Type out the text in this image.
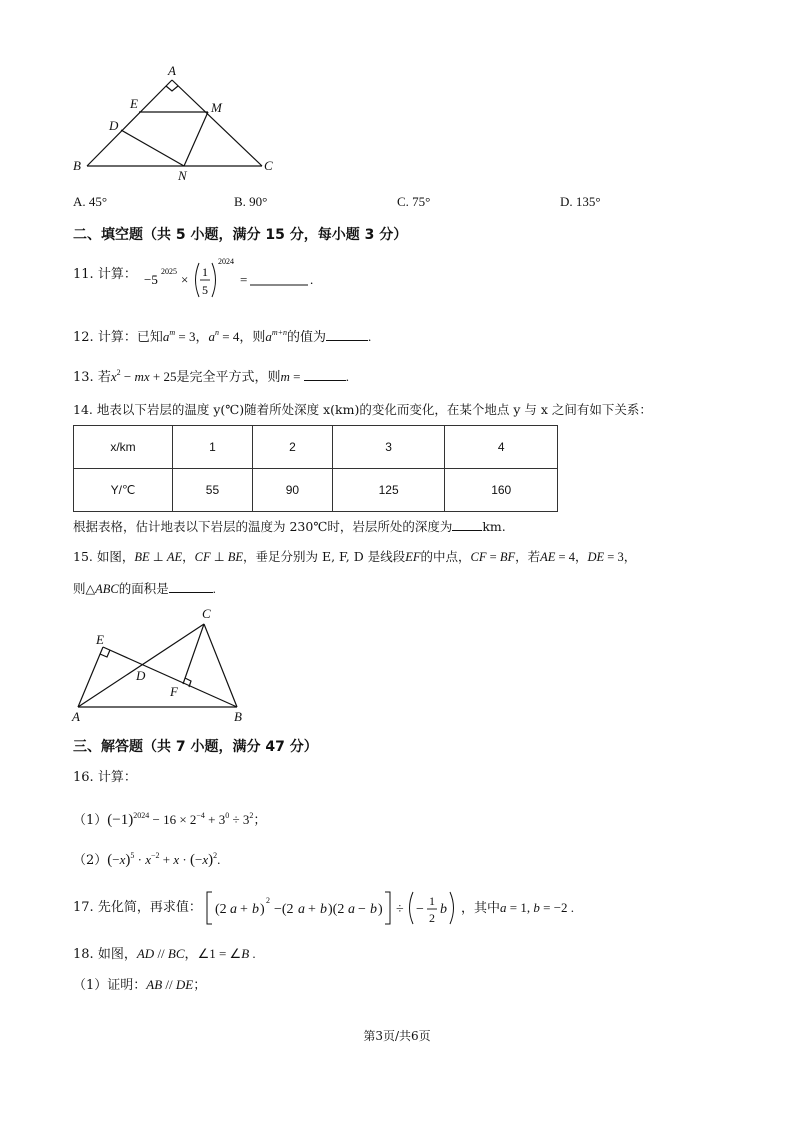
A
E	M
D
B
N
C
A. 45°	B. 90°	C. 75°	D. 135°
二、填空题（共 5 小题，满分 15 分，每小题 3 分）
11. 计算： −5
2025
× 1
5
2024
=	.
12. 计算：已知$a^m = 3$，$a^n = 4$，则$a^{m+n}$的值为	.
13. 若$x^2$ − mx + 25是完全平方式，则m =	.
14. 地表以下岩层的温度 y(℃)随着所处深度 x(km)的变化而变化，在某个地点 y 与 x 之间有如下关系：
x/km	1	2	3	4
Y/℃	55	90	125	160
根据表格，估计地表以下岩层的温度为 230℃时，岩层所处的深度为 km.
15. 如图，BE ⊥ AE，CF ⊥ BE，垂足分别为 E, F, D 是线段EF的中点，CF = BF，若AE = 4，DE = 3，
则△ABC的面积是	.
C
E
D
F
A	B
三、解答题（共 7 小题，满分 47 分）
16. 计算：
$(1)(-1)^{2024} - 16 \times 2^{-4} + 3^0 \div 3^2$；
$(2)(-x)^5 \cdot x^{-2} + x \cdot (-x)^2$.
17. 先化简，再求值： (2 a + b )
2
−(2 a + b )(2 a − b ) ÷ −
1
2
b ，其中a = 1, b = −2 .
18. 如图，AD // BC，∠1 = ∠B .
（1）证明：AB // DE；
第3页/共6页
